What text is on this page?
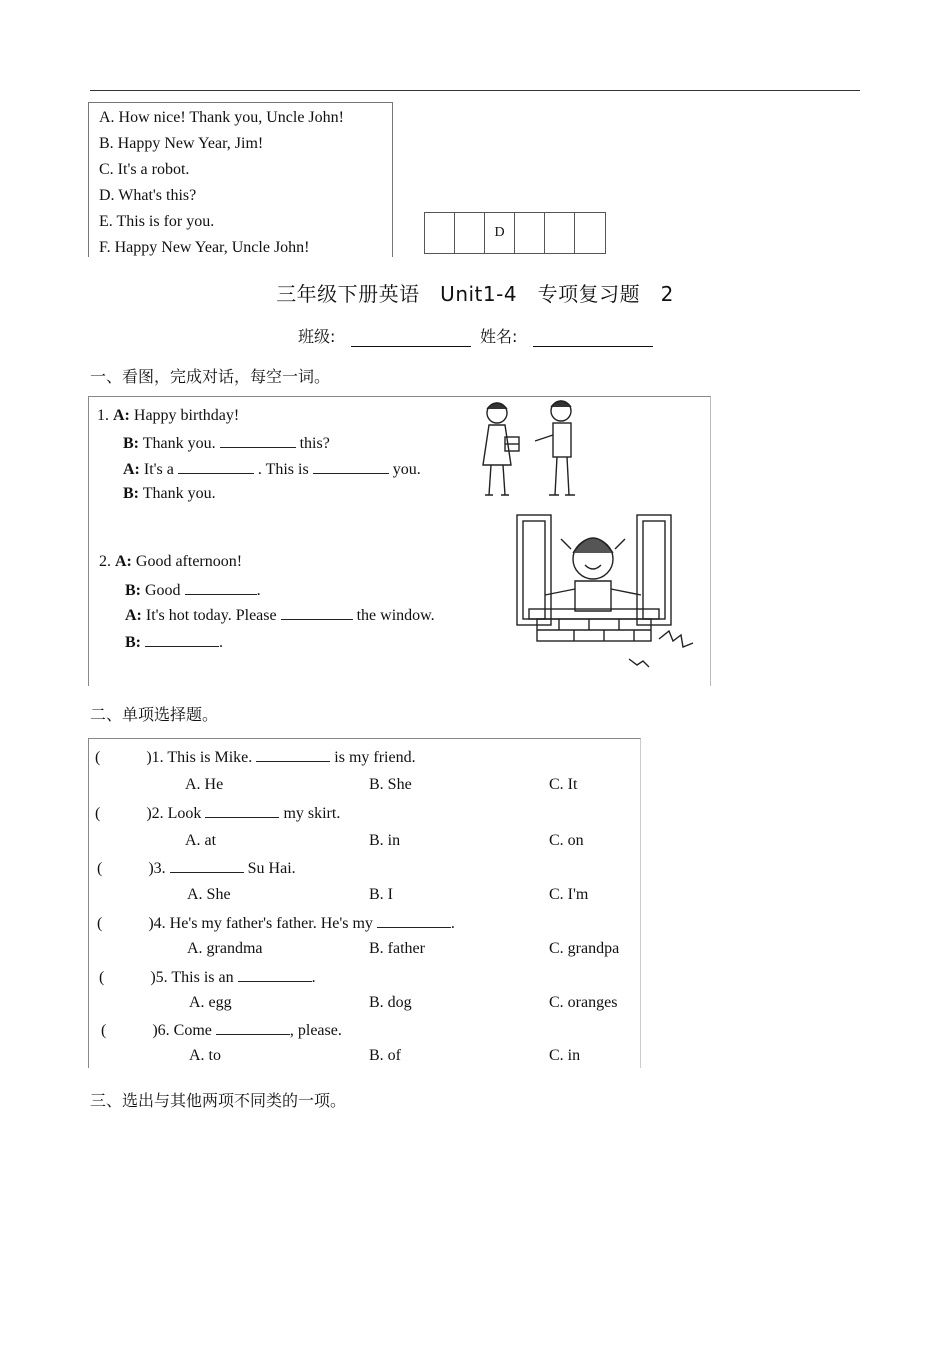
A. How nice! Thank you, Uncle John!
B. Happy New Year, Jim!
C. It's a robot.
D. What's this?
E. This is for you.
F. Happy New Year, Uncle John!
D
三年级下册英语　Unit1-4　专项复习题　2
班级:	姓名:
一、看图，完成对话，每空一词。
1. A: Happy birthday!
B: Thank you.	this?
A: It's a	. This is	you.
B: Thank you.
2. A: Good afternoon!
B: Good	.
A: It's hot today. Please	the window.
B:	.
二、单项选择题。
(	)1. This is Mike.	is my friend.
A. He	B. She	C. It
(	)2. Look	my skirt.
A. at	B. in	C. on
(	)3.	Su Hai.
A. She	B. I	C. I'm
(	)4. He's my father's father. He's my	.
A. grandma	B. father	C. grandpa
(	)5. This is an	.
A. egg	B. dog	C. oranges
(	)6. Come	, please.
A. to	B. of	C. in
三、选出与其他两项不同类的一项。
